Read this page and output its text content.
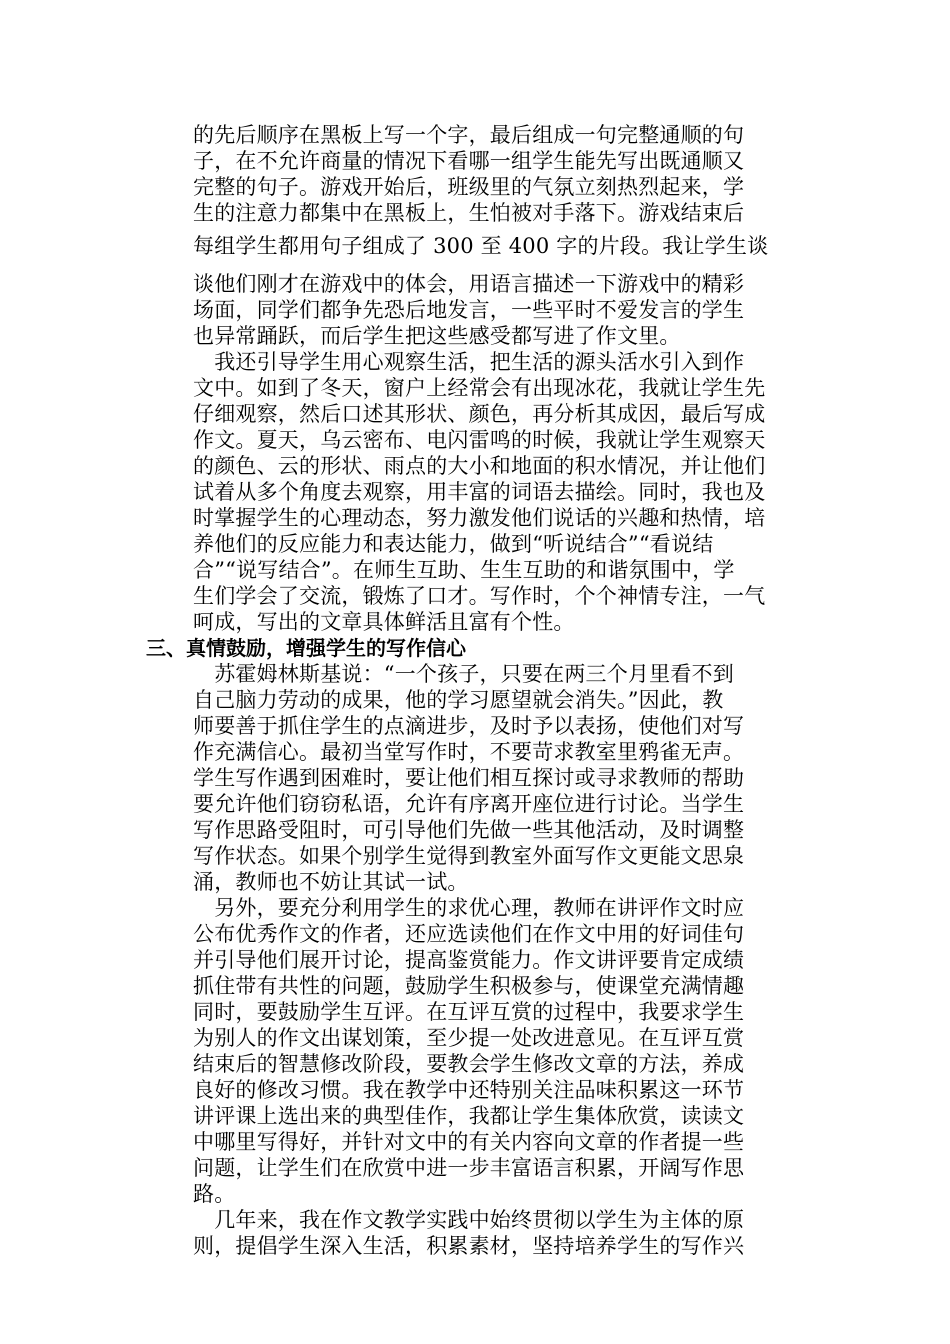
的先后顺序在黑板上写一个字，最后组成一句完整通顺的句
子，在不允许商量的情况下看哪一组学生能先写出既通顺又
完整的句子。游戏开始后，班级里的气氛立刻热烈起来，学
生的注意力都集中在黑板上，生怕被对手落下。游戏结束后
每组学生都用句子组成了 300 至 400 字的片段。我让学生谈
谈他们刚才在游戏中的体会，用语言描述一下游戏中的精彩
场面，同学们都争先恐后地发言，一些平时不爱发言的学生
也异常踊跃，而后学生把这些感受都写进了作文里。
　我还引导学生用心观察生活，把生活的源头活水引入到作
文中。如到了冬天，窗户上经常会有出现冰花，我就让学生先
仔细观察，然后口述其形状、颜色，再分析其成因，最后写成
作文。夏天，乌云密布、电闪雷鸣的时候，我就让学生观察天
的颜色、云的形状、雨点的大小和地面的积水情况，并让他们
试着从多个角度去观察，用丰富的词语去描绘。同时，我也及
时掌握学生的心理动态，努力激发他们说话的兴趣和热情，培
养他们的反应能力和表达能力，做到“听说结合”“看说结
合”“说写结合”。在师生互助、生生互助的和谐氛围中，学
生们学会了交流，锻炼了口才。写作时，个个神情专注，一气
呵成，写出的文章具体鲜活且富有个性。
三、真情鼓励，增强学生的写作信心
　苏霍姆林斯基说：“一个孩子，只要在两三个月里看不到
自己脑力劳动的成果，他的学习愿望就会消失。”因此，教
师要善于抓住学生的点滴进步，及时予以表扬，使他们对写
作充满信心。最初当堂写作时，不要苛求教室里鸦雀无声。
学生写作遇到困难时，要让他们相互探讨或寻求教师的帮助
要允许他们窃窃私语，允许有序离开座位进行讨论。当学生
写作思路受阻时，可引导他们先做一些其他活动，及时调整
写作状态。如果个别学生觉得到教室外面写作文更能文思泉
涌，教师也不妨让其试一试。
　另外，要充分利用学生的求优心理，教师在讲评作文时应
公布优秀作文的作者，还应选读他们在作文中用的好词佳句
并引导他们展开讨论，提高鉴赏能力。作文讲评要肯定成绩
抓住带有共性的问题，鼓励学生积极参与，使课堂充满情趣
同时，要鼓励学生互评。在互评互赏的过程中，我要求学生
为别人的作文出谋划策，至少提一处改进意见。在互评互赏
结束后的智慧修改阶段，要教会学生修改文章的方法，养成
良好的修改习惯。我在教学中还特别关注品味积累这一环节
讲评课上选出来的典型佳作，我都让学生集体欣赏，读读文
中哪里写得好，并针对文中的有关内容向文章的作者提一些
问题，让学生们在欣赏中进一步丰富语言积累，开阔写作思
路。
　几年来，我在作文教学实践中始终贯彻以学生为主体的原
则，提倡学生深入生活，积累素材，坚持培养学生的写作兴
